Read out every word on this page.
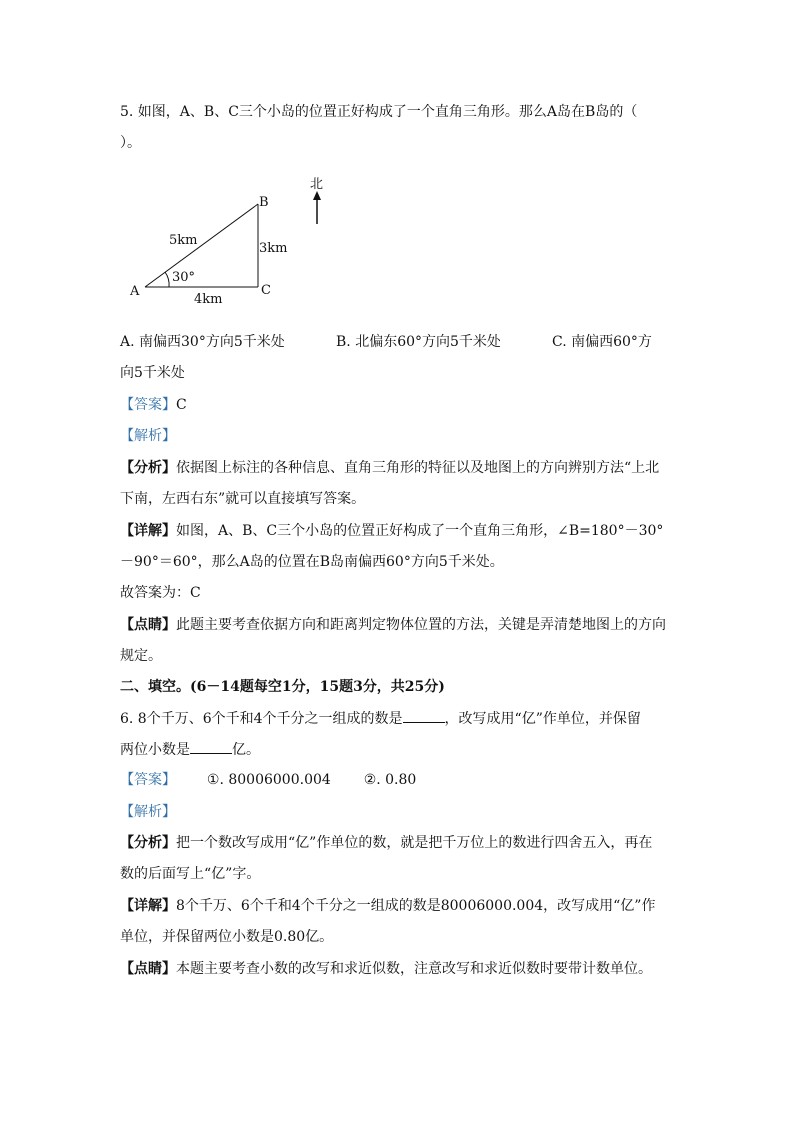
5. 如图，A、B、C三个小岛的位置正好构成了一个直角三角形。那么A岛在B岛的（
）。
北
A
B
C
5km
3km
4km
30°
A. 南偏西30°方向5千米处	B. 北偏东60°方向5千米处	C. 南偏西60°方
向5千米处
【答案】C
【解析】
【分析】依据图上标注的各种信息、直角三角形的特征以及地图上的方向辨别方法“上北
下南，左西右东”就可以直接填写答案。
【详解】如图，A、B、C三个小岛的位置正好构成了一个直角三角形，∠B=180°－30°
－90°＝60°，那么A岛的位置在B岛南偏西60°方向5千米处。
故答案为：C
【点睛】此题主要考查依据方向和距离判定物体位置的方法，关键是弄清楚地图上的方向
规定。
二、填空。(6－14题每空1分，15题3分，共25分)
6. 8个千万、6个千和4个千分之一组成的数是	，改写成用“亿”作单位，并保留
两位小数是	亿。
【答案】 ①. 80006000.004 ②. 0.80
【解析】
【分析】把一个数改写成用“亿”作单位的数，就是把千万位上的数进行四舍五入，再在
数的后面写上“亿”字。
【详解】8个千万、6个千和4个千分之一组成的数是80006000.004，改写成用“亿”作
单位，并保留两位小数是0.80亿。
【点睛】本题主要考查小数的改写和求近似数，注意改写和求近似数时要带计数单位。
